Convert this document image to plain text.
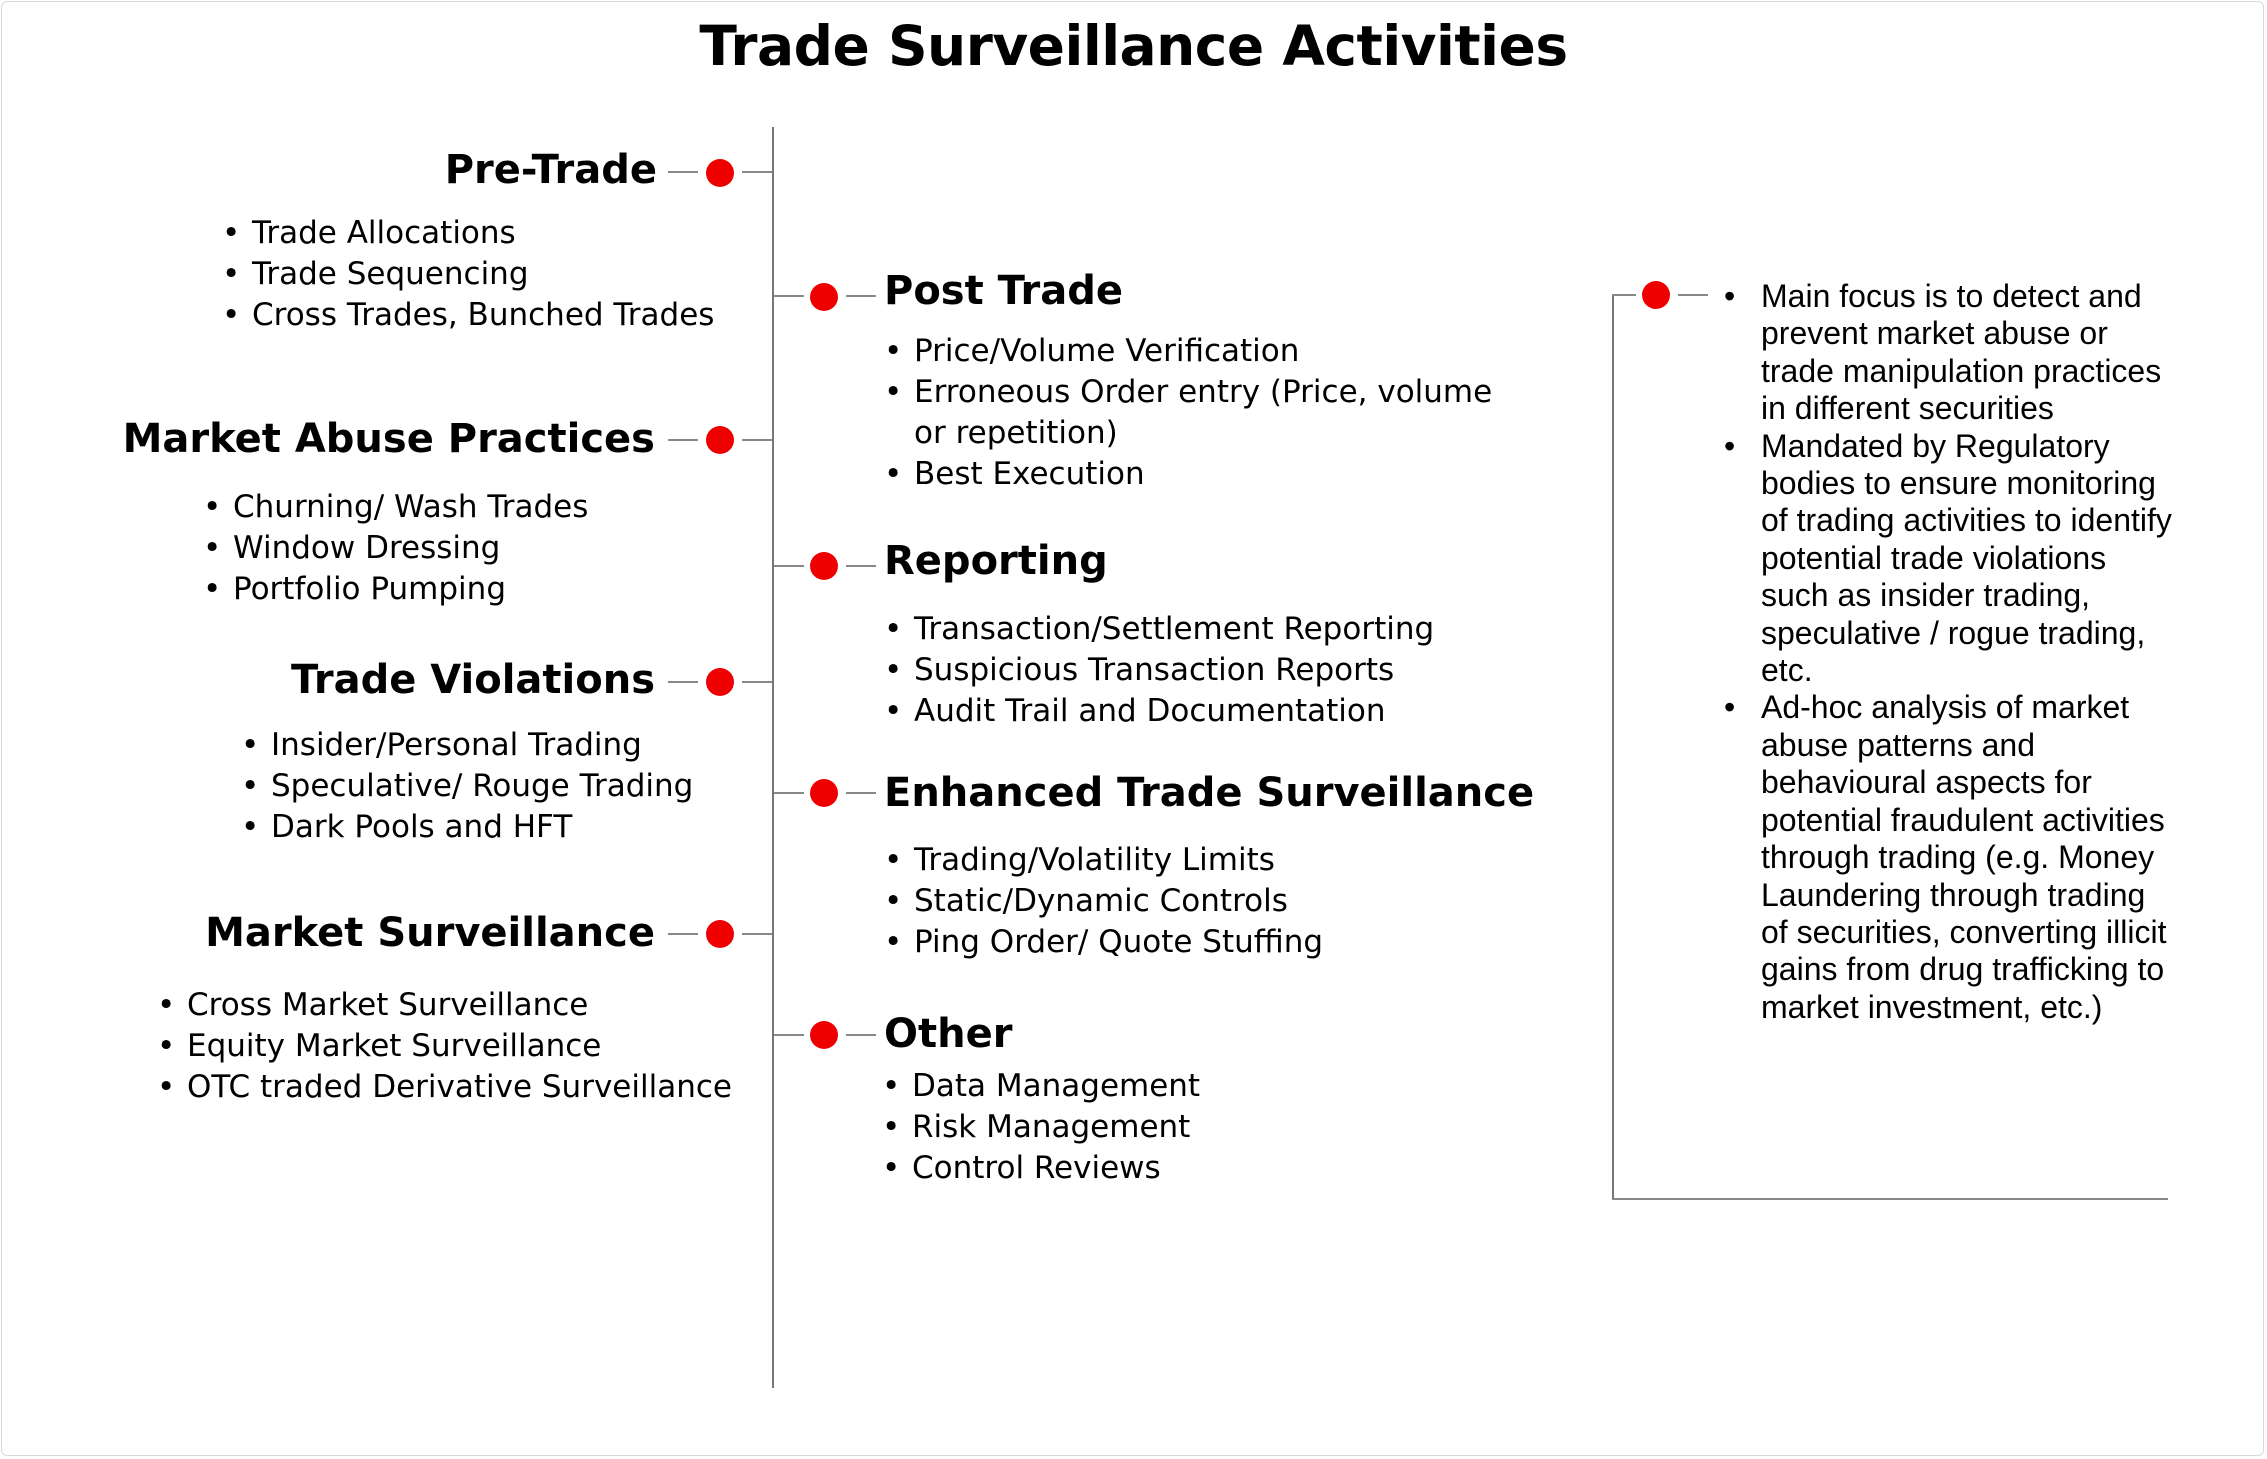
Trade Surveillance Activities
Pre-Trade
• Trade Allocations
• Trade Sequencing
• Cross Trades, Bunched Trades
Market Abuse Practices
• Churning/ Wash Trades
• Window Dressing
• Portfolio Pumping
Trade Violations
• Insider/Personal Trading
• Speculative/ Rouge Trading
• Dark Pools and HFT
Market Surveillance
• Cross Market Surveillance
• Equity Market Surveillance
• OTC traded Derivative Surveillance
Post Trade
• Price/Volume Verification
• Erroneous Order entry (Price, volume or repetition)
• Best Execution
Reporting
• Transaction/Settlement Reporting
• Suspicious Transaction Reports
• Audit Trail and Documentation
Enhanced Trade Surveillance
• Trading/Volatility Limits
• Static/Dynamic Controls
• Ping Order/ Quote Stuffing
Other
• Data Management
• Risk Management
• Control Reviews
• Main focus is to detect and prevent market abuse or trade manipulation practices in different securities
• Mandated by Regulatory bodies to ensure monitoring of trading activities to identify potential trade violations such as insider trading, speculative / rogue trading, etc.
• Ad-hoc analysis of market abuse patterns and behavioural aspects for potential fraudulent activities through trading (e.g. Money Laundering through trading of securities, converting illicit gains from drug trafficking to market investment, etc.)
